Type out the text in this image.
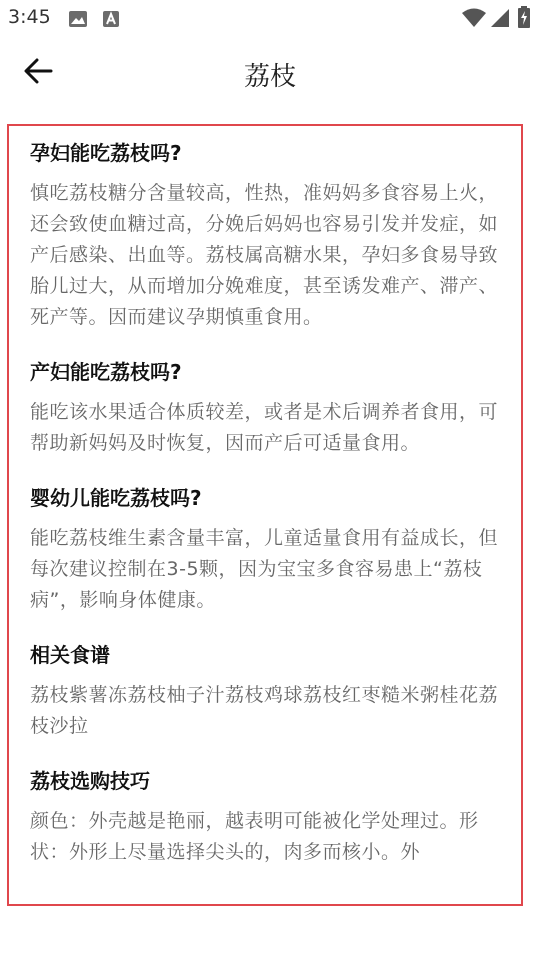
3:45
荔枝
孕妇能吃荔枝吗?
慎吃荔枝糖分含量较高，性热，准妈妈多食容易上火，还会致使血糖过高，分娩后妈妈也容易引发并发症，如产后感染、出血等。荔枝属高糖水果，孕妇多食易导致胎儿过大，从而增加分娩难度，甚至诱发难产、滞产、死产等。因而建议孕期慎重食用。
产妇能吃荔枝吗?
能吃该水果适合体质较差，或者是术后调养者食用，可帮助新妈妈及时恢复，因而产后可适量食用。
婴幼儿能吃荔枝吗?
能吃荔枝维生素含量丰富，儿童适量食用有益成长，但每次建议控制在3-5颗，因为宝宝多食容易患上“荔枝病”，影响身体健康。
相关食谱
荔枝紫薯冻荔枝柚子汁荔枝鸡球荔枝红枣糙米粥桂花荔枝沙拉
荔枝选购技巧
颜色：外壳越是艳丽，越表明可能被化学处理过。形状：外形上尽量选择尖头的，肉多而核小。外
